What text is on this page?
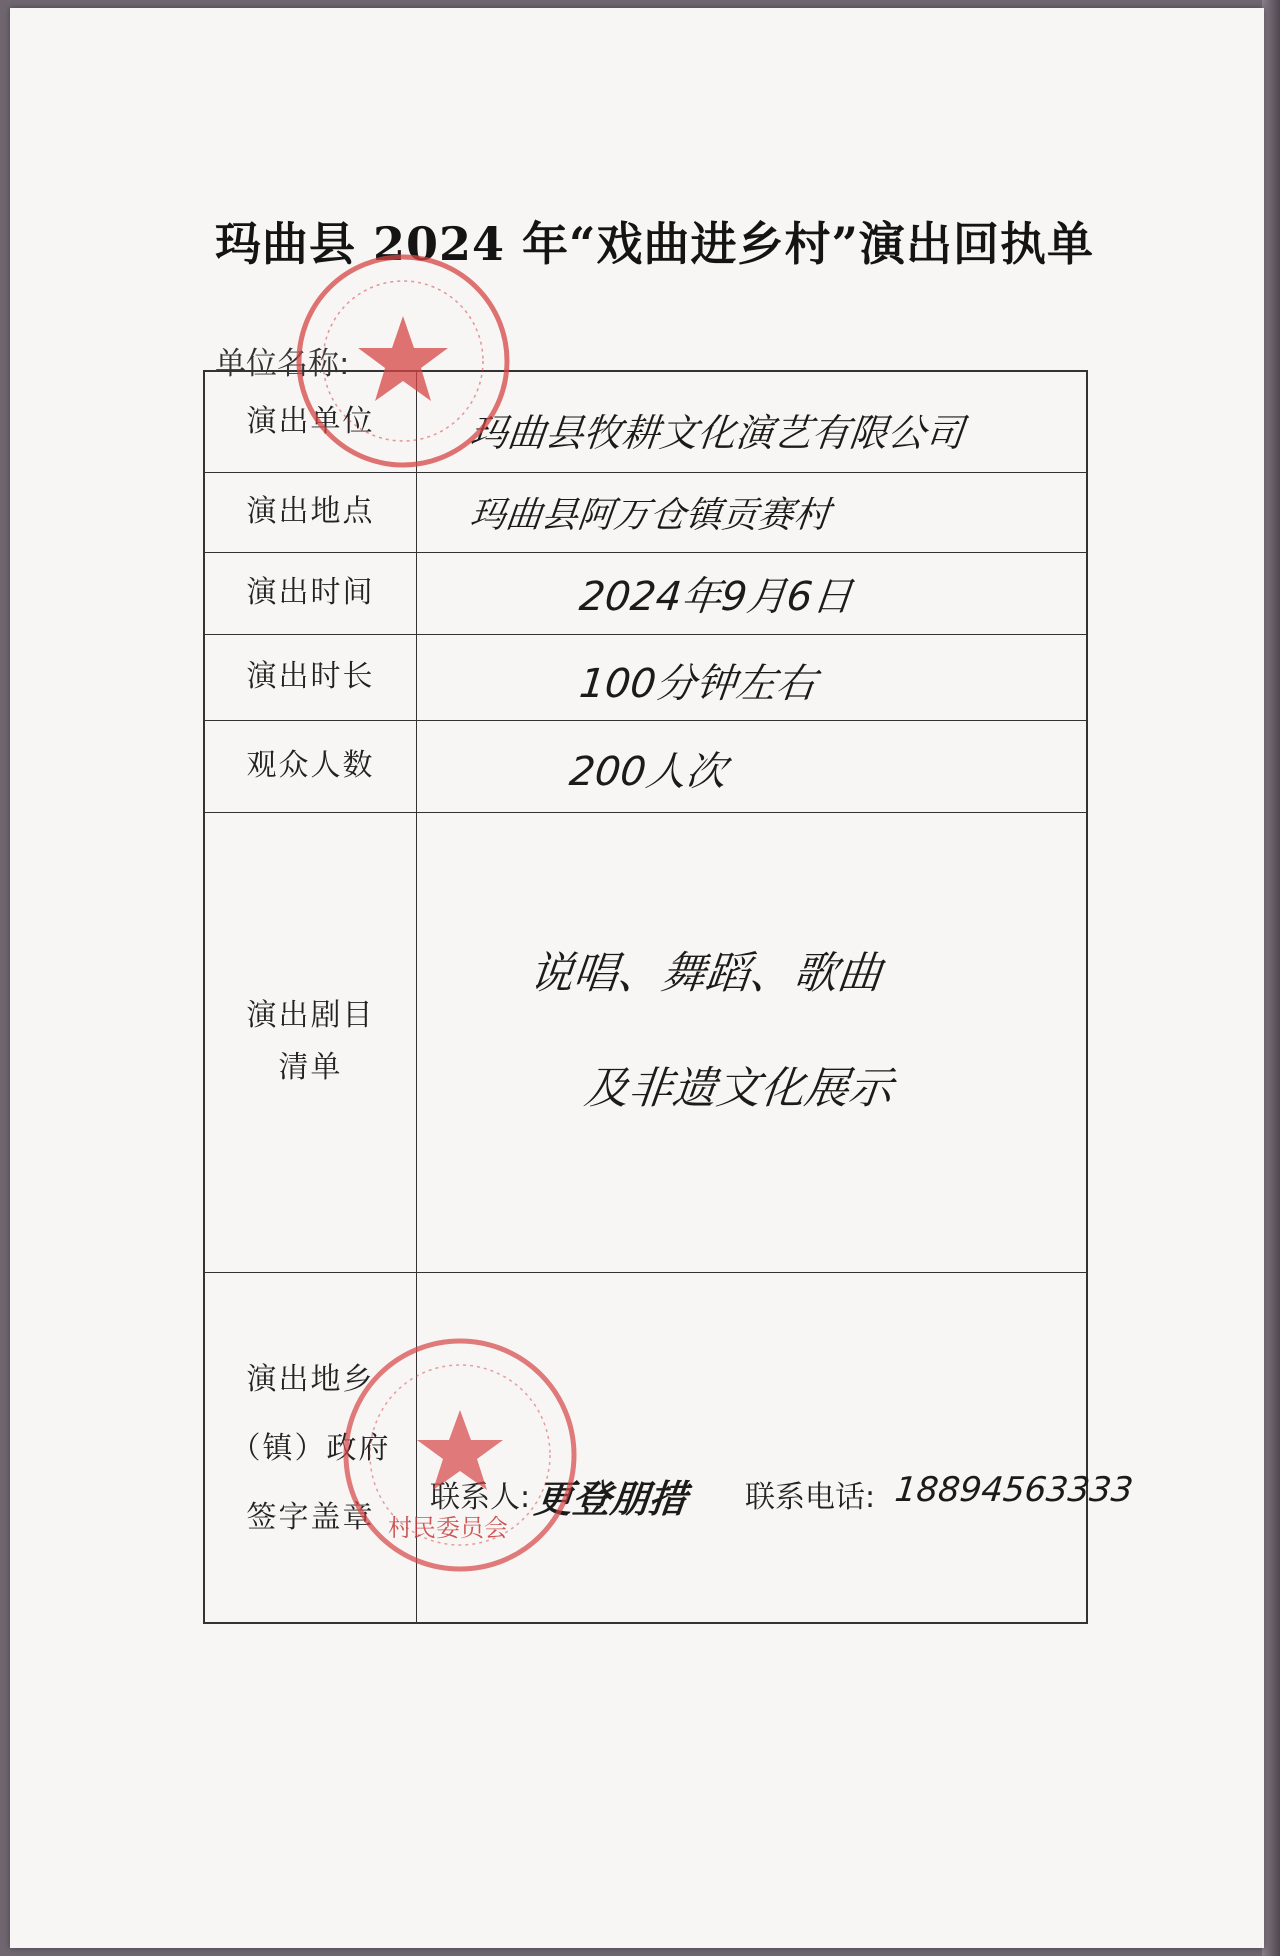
玛曲县 2024 年“戏曲进乡村”演出回执单
单位名称:
演出单位
演出地点
演出时间
演出时长
观众人数
演出剧目
清单
演出地乡
（镇）政府
签字盖章
玛曲县牧耕文化演艺有限公司
玛曲县阿万仓镇贡赛村
2024年9月6日
100分钟左右
200人次
说唱、舞蹈、歌曲
及非遗文化展示
联系人: 更登朋措 联系电话: 18894563333
村民委员会
